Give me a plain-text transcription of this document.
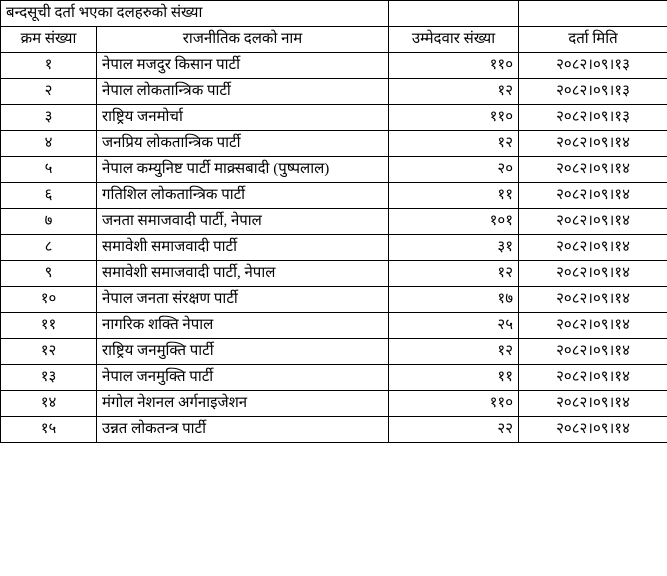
बन्दसूची दर्ता भएका दलहरुको संख्या			
क्रम संख्या	राजनीतिक दलको नाम	उम्मेदवार संख्या	दर्ता मिति
१	नेपाल मजदुर किसान पार्टी	११०	२०८२।०९।१३
२	नेपाल लोकतान्त्रिक पार्टी	१२	२०८२।०९।१३
३	राष्ट्रिय जनमोर्चा	११०	२०८२।०९।१३
४	जनप्रिय लोकतान्त्रिक पार्टी	१२	२०८२।०९।१४
५	नेपाल कम्युनिष्ट पार्टी माक्र्सबादी (पुष्पलाल)	२०	२०८२।०९।१४
६	गतिशिल लोकतान्त्रिक पार्टी	११	२०८२।०९।१४
७	जनता समाजवादी पार्टी, नेपाल	१०१	२०८२।०९।१४
८	समावेशी समाजवादी पार्टी	३१	२०८२।०९।१४
९	समावेशी समाजवादी पार्टी, नेपाल	१२	२०८२।०९।१४
१०	नेपाल जनता संरक्षण पार्टी	१७	२०८२।०९।१४
११	नागरिक शक्ति नेपाल	२५	२०८२।०९।१४
१२	राष्ट्रिय जनमुक्ति पार्टी	१२	२०८२।०९।१४
१३	नेपाल जनमुक्ति पार्टी	११	२०८२।०९।१४
१४	मंगोल नेशनल अर्गनाइजेशन	११०	२०८२।०९।१४
१५	उन्नत लोकतन्त्र पार्टी	२२	२०८२।०९।१४
